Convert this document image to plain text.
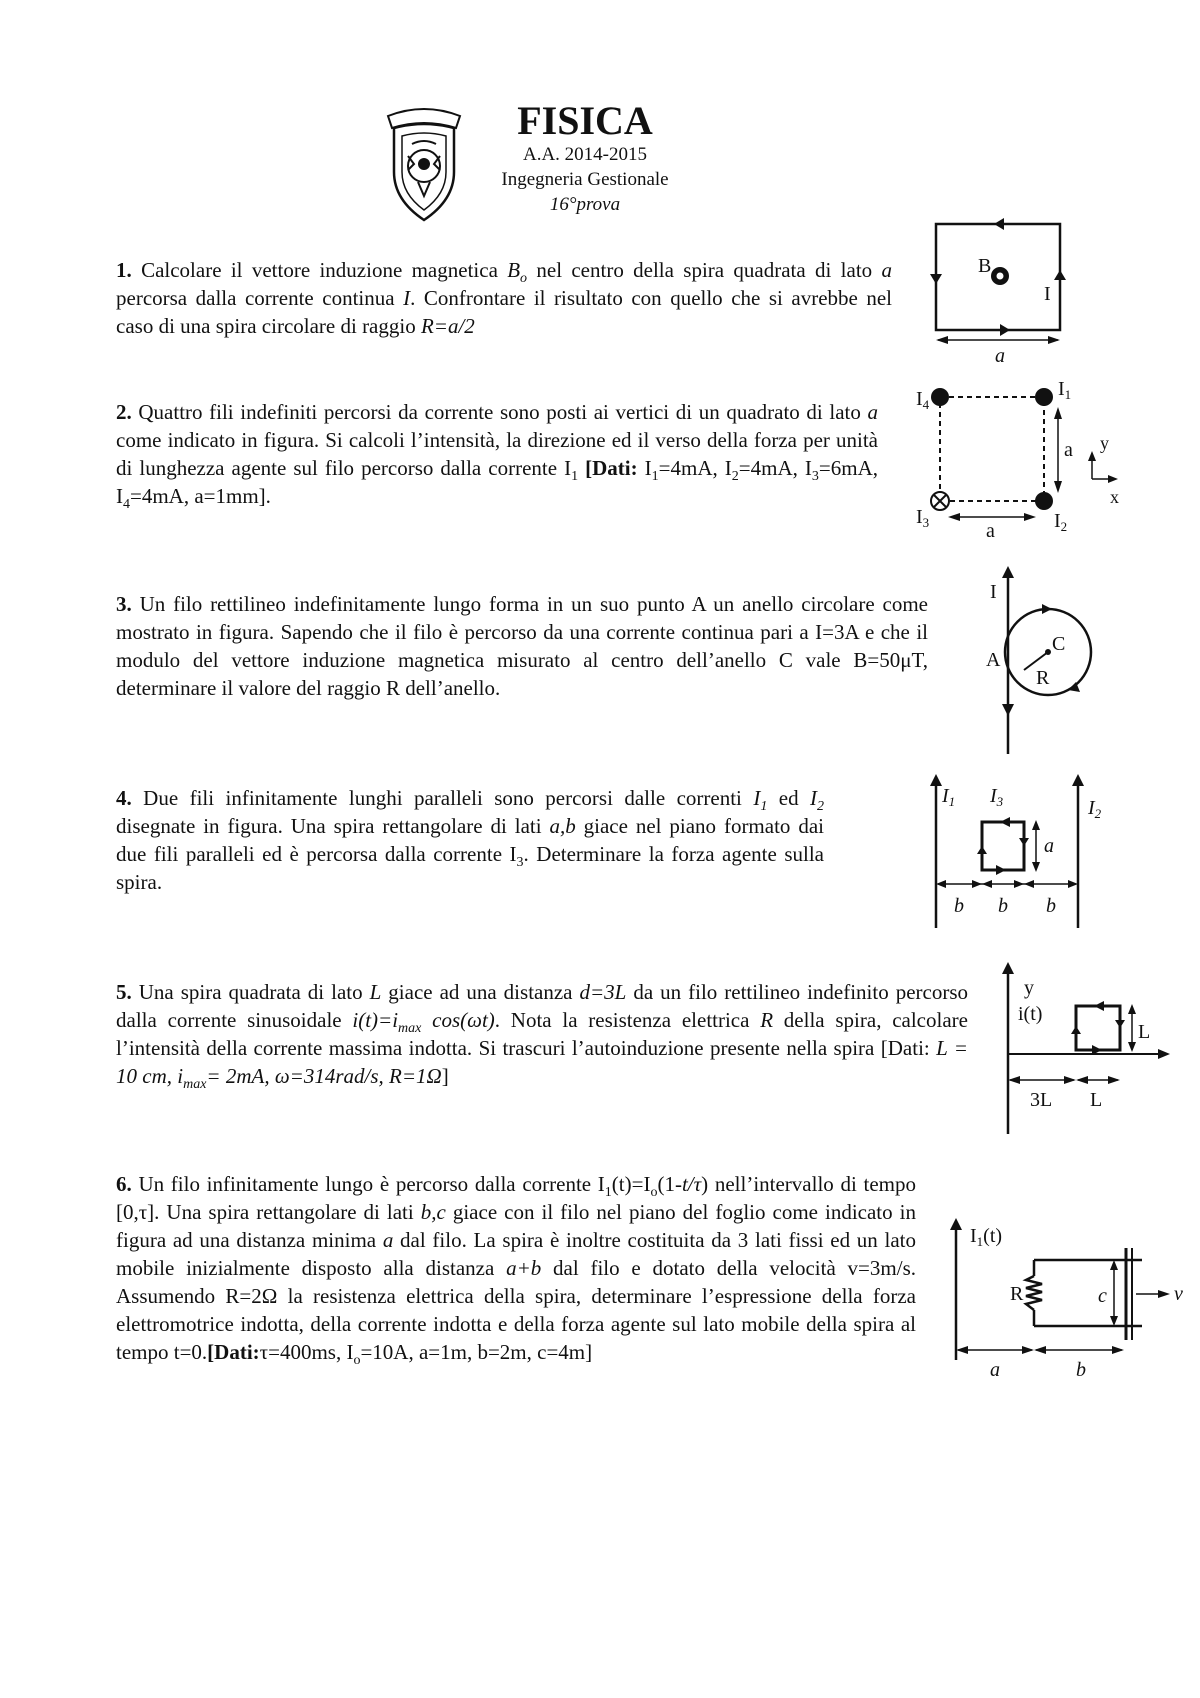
FISICA
A.A. 2014-2015
Ingegneria Gestionale
16°prova
1. Calcolare il vettore induzione magnetica $B_o$ nel centro della spira quadrata di lato a percorsa dalla corrente continua I. Confrontare il risultato con quello che si avrebbe nel caso di una spira circolare di raggio R=a/2
2. Quattro fili indefiniti percorsi da corrente sono posti ai vertici di un quadrato di lato a come indicato in figura. Si calcoli l’intensità, la direzione ed il verso della forza per unità di lunghezza agente sul filo percorso dalla corrente $I_1$ [Dati: $I_1=4mA$, $I_2=4mA$, $I_3=6mA$, $I_4=4mA$, a=1mm].
3. Un filo rettilineo indefinitamente lungo forma in un suo punto A un anello circolare come mostrato in figura. Sapendo che il filo è percorso da una corrente continua pari a I=3A e che il modulo del vettore induzione magnetica misurato al centro dell’anello C vale B=50μT, determinare il valore del raggio R dell’anello.
4. Due fili infinitamente lunghi paralleli sono percorsi dalle correnti $I_1$ ed $I_2$ disegnate in figura. Una spira rettangolare di lati a,b giace nel piano formato dai due fili paralleli ed è percorsa dalla corrente $I_3$. Determinare la forza agente sulla spira.
5. Una spira quadrata di lato L giace ad una distanza d=3L da un filo rettilineo indefinito percorso dalla corrente sinusoidale $i(t)=i_{max}$ cos(ωt). Nota la resistenza elettrica R della spira, calcolare l’intensità della corrente massima indotta. Si trascuri l’autoinduzione presente nella spira [Dati: L = 10 cm, $i_{max}= 2mA$, ω=314rad/s, R=1Ω]
6. Un filo infinitamente lungo è percorso dalla corrente $I_1(t)=I_o(1-t/\tau)$ nell’intervallo di tempo [0,τ]. Una spira rettangolare di lati b,c giace con il filo nel piano del foglio come indicato in figura ad una distanza minima a dal filo. La spira è inoltre costituita da 3 lati fissi ed un lato mobile inizialmente disposto alla distanza a+b dal filo e dotato della velocità v=3m/s. Assumendo R=2Ω la resistenza elettrica della spira, determinare l’espressione della forza elettromotrice indotta, della corrente indotta e della forza agente sul lato mobile della spira al tempo t=0.[Dati:τ=400ms, $I_o=10A$, a=1m, b=2m, c=4m]
B
I
a
$I_4$
$I_1$
$I_3$	$I_2$
a
a
y
x
I
A
C
R
a
$I_1$ $I_3$	$I_2$
b b b
y
i(t)
L
3L L
$I_1(t)$
R	c	v
a	b
